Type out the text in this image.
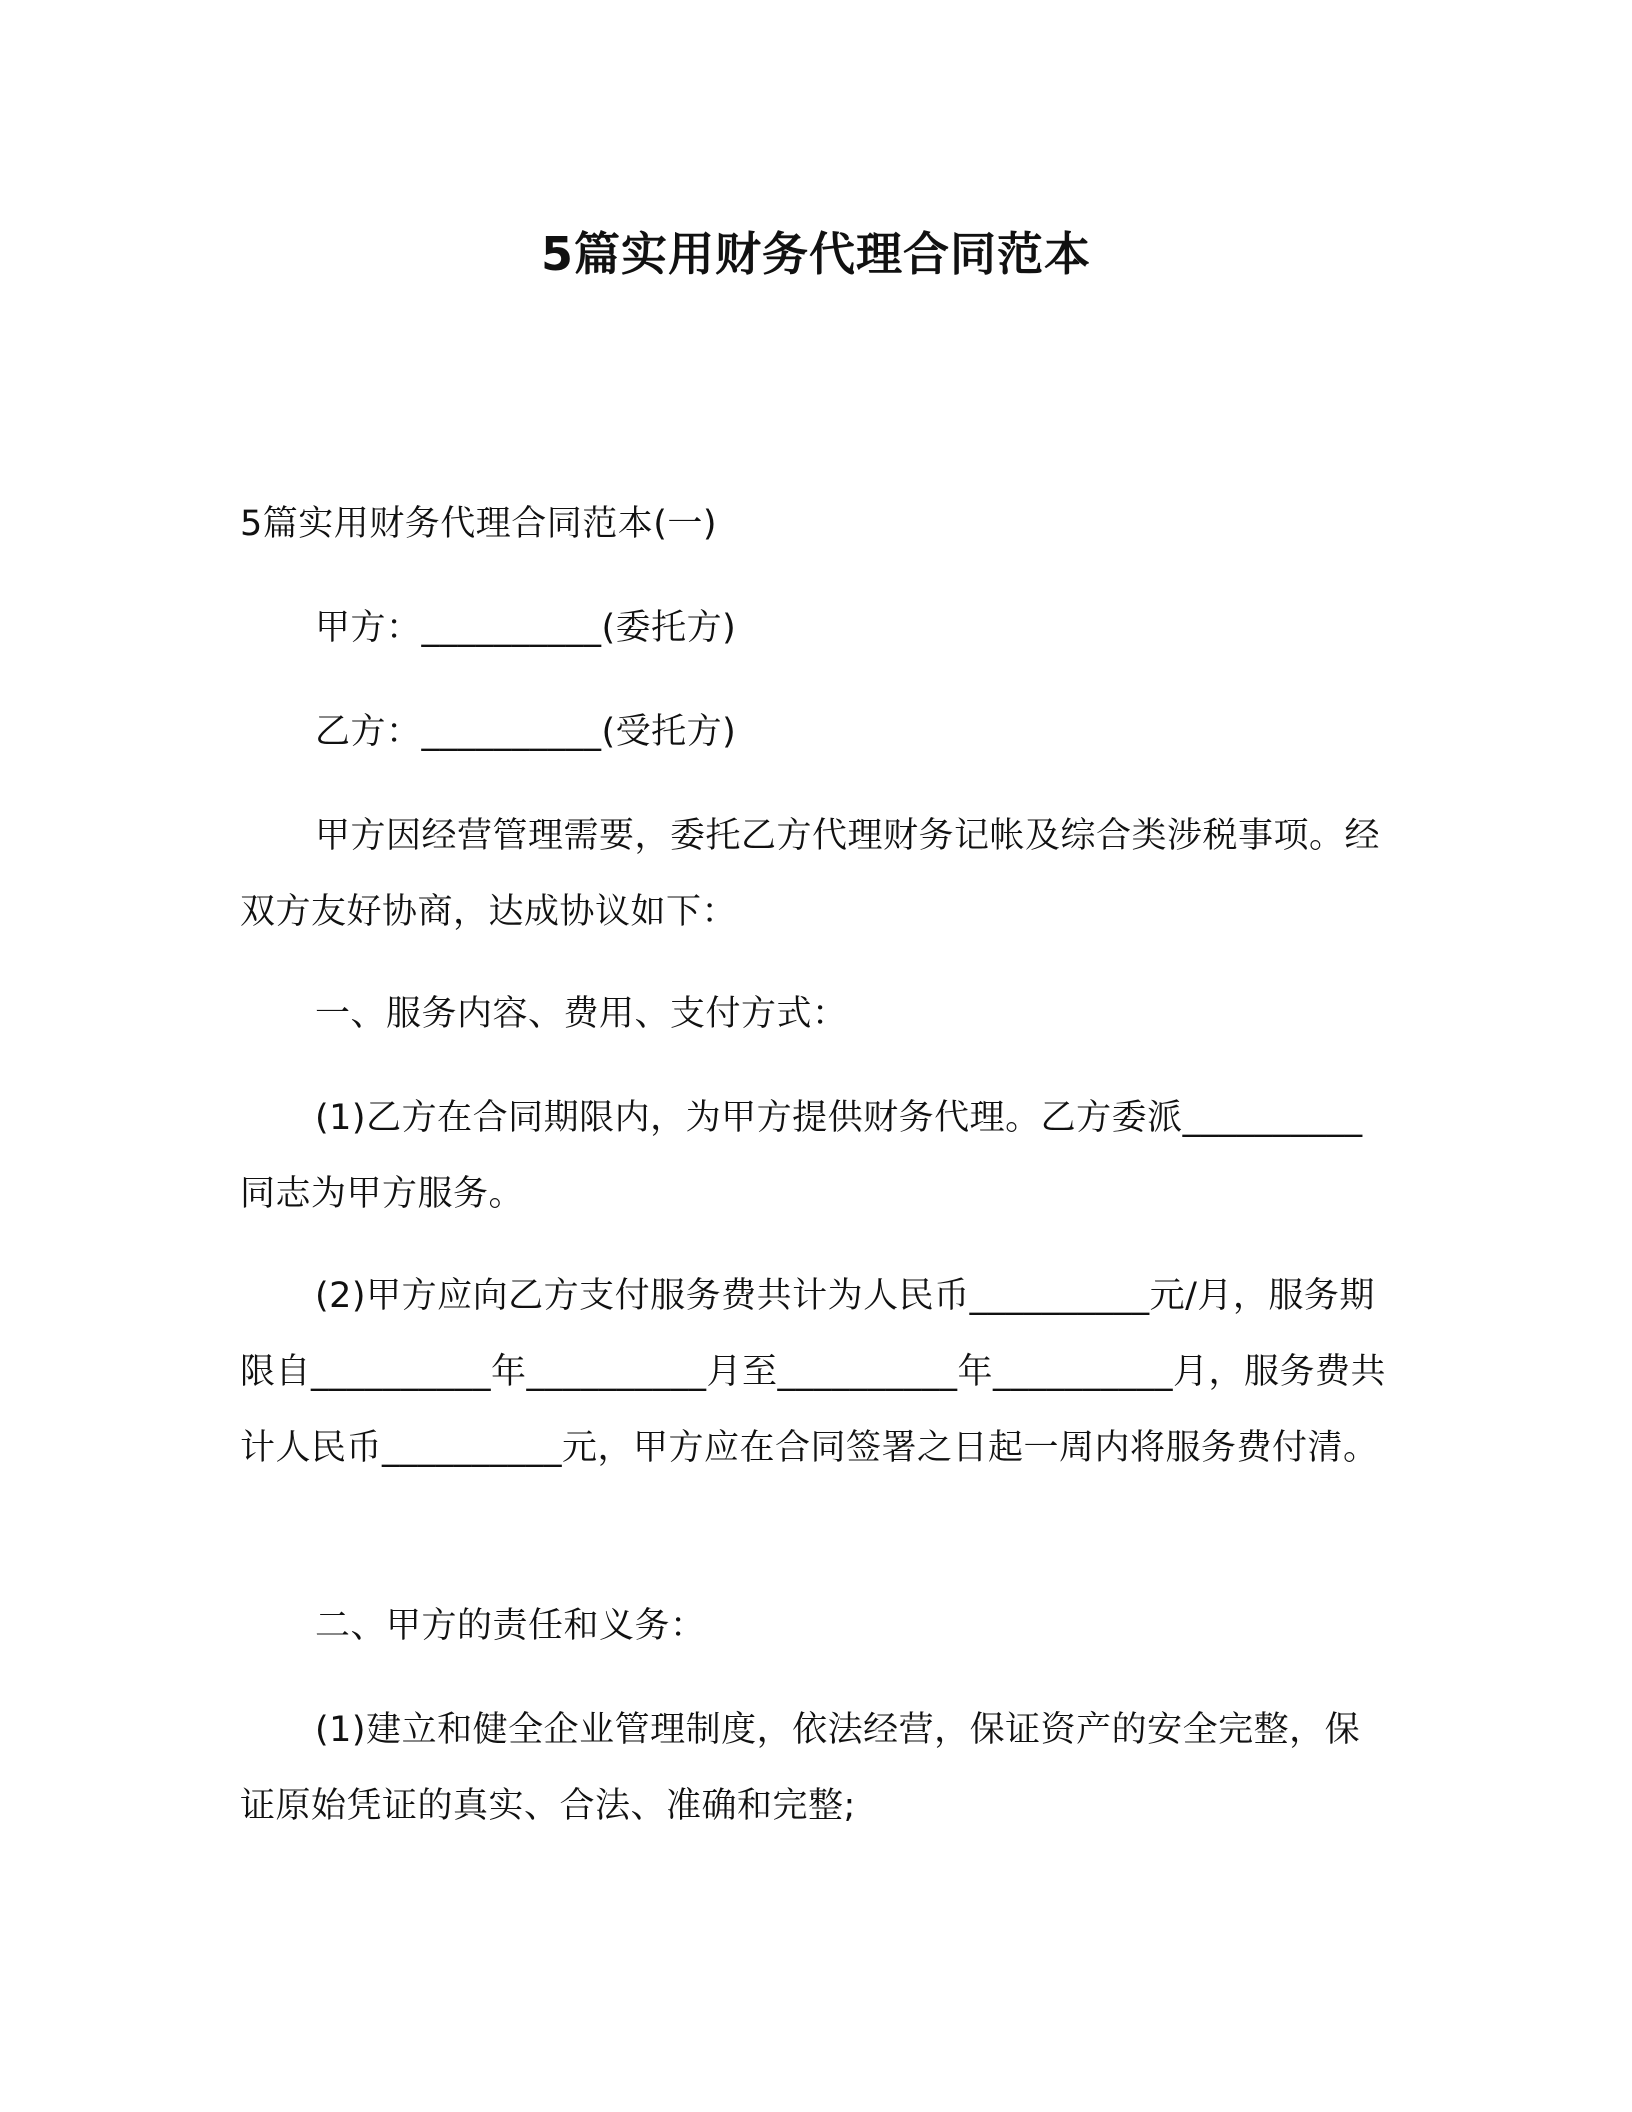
5篇实用财务代理合同范本
5篇实用财务代理合同范本(一)

甲方：__________(委托方)

乙方：__________(受托方)

甲方因经营管理需要，委托乙方代理财务记帐及综合类涉税事项。经双方友好协商，达成协议如下：

一、服务内容、费用、支付方式：

(1)乙方在合同期限内，为甲方提供财务代理。乙方委派__________同志为甲方服务。

(2)甲方应向乙方支付服务费共计为人民币__________元/月，服务期限自__________年__________月至__________年__________月，服务费共计人民币__________元，甲方应在合同签署之日起一周内将服务费付清。

二、甲方的责任和义务：

(1)建立和健全企业管理制度，依法经营，保证资产的安全完整，保证原始凭证的真实、合法、准确和完整;
